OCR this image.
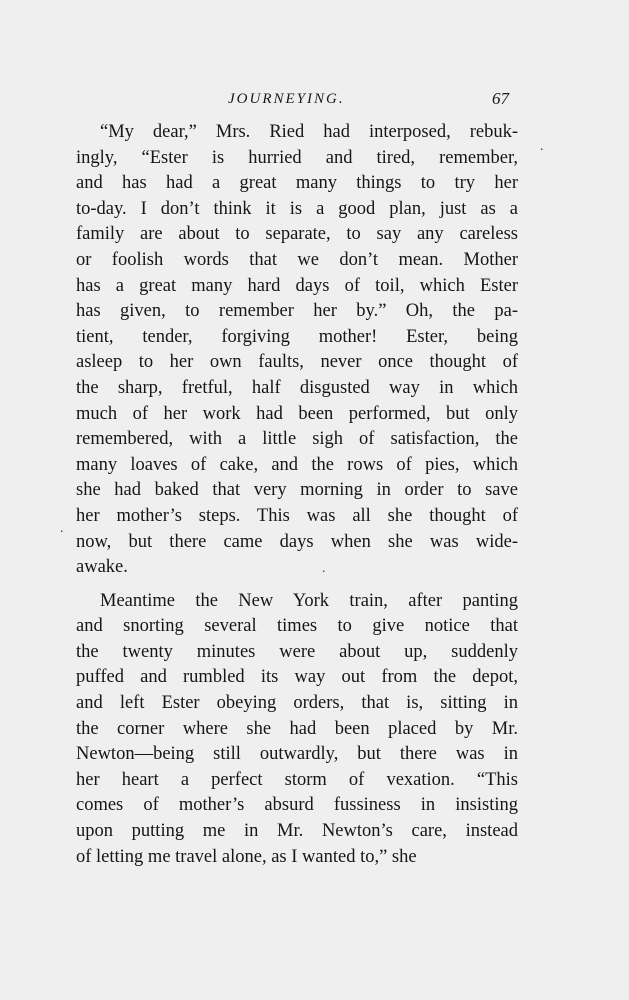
JOURNEYING.	67
“My dear,” Mrs. Ried had interposed, rebuk-
ingly, “Ester is hurried and tired, remember,
and has had a great many things to try her
to-day. I don’t think it is a good plan, just as a
family are about to separate, to say any careless
or foolish words that we don’t mean. Mother
has a great many hard days of toil, which Ester
has given, to remember her by.” Oh, the pa-
tient, tender, forgiving mother! Ester, being
asleep to her own faults, never once thought of
the sharp, fretful, half disgusted way in which
much of her work had been performed, but only
remembered, with a little sigh of satisfaction, the
many loaves of cake, and the rows of pies, which
she had baked that very morning in order to save
her mother’s steps. This was all she thought of
now, but there came days when she was wide-
awake.
Meantime the New York train, after panting
and snorting several times to give notice that
the twenty minutes were about up, suddenly
puffed and rumbled its way out from the depot,
and left Ester obeying orders, that is, sitting in
the corner where she had been placed by Mr.
Newton—being still outwardly, but there was in
her heart a perfect storm of vexation. “This
comes of mother’s absurd fussiness in insisting
upon putting me in Mr. Newton’s care, instead
of letting me travel alone, as I wanted to,” she
.
.
.
